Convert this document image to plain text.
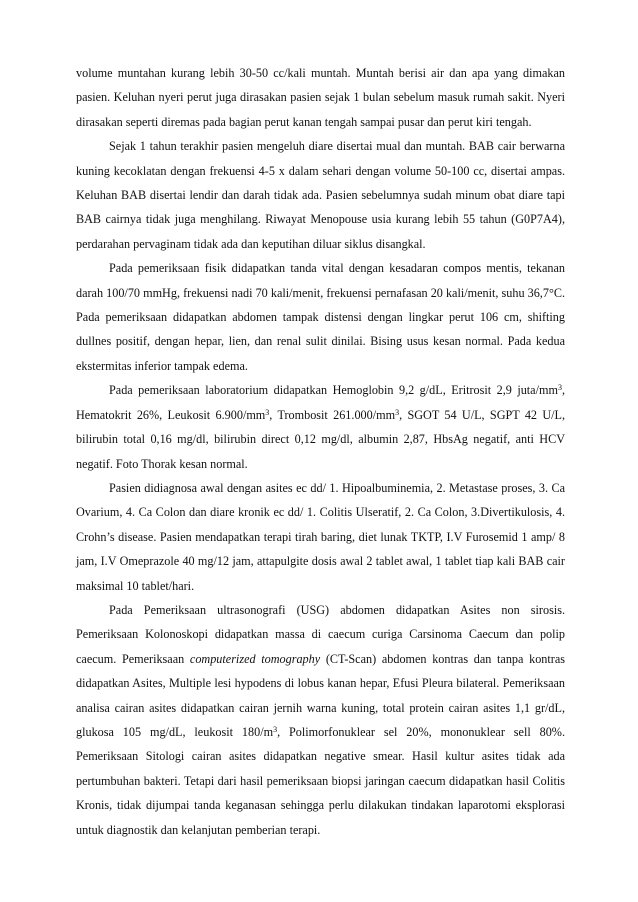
volume muntahan kurang lebih 30-50 cc/kali muntah. Muntah berisi air dan apa yang dimakan pasien. Keluhan nyeri perut juga dirasakan pasien sejak 1 bulan sebelum masuk rumah sakit. Nyeri dirasakan seperti diremas pada bagian perut kanan tengah sampai pusar dan perut kiri tengah.

Sejak 1 tahun terakhir pasien mengeluh diare disertai mual dan muntah. BAB cair berwarna kuning kecoklatan dengan frekuensi 4-5 x dalam sehari dengan volume 50-100 cc, disertai ampas. Keluhan BAB disertai lendir dan darah tidak ada. Pasien sebelumnya sudah minum obat diare tapi BAB cairnya tidak juga menghilang. Riwayat Menopouse usia kurang lebih 55 tahun (G0P7A4), perdarahan pervaginam tidak ada dan keputihan diluar siklus disangkal.

Pada pemeriksaan fisik didapatkan tanda vital dengan kesadaran compos mentis, tekanan darah 100/70 mmHg, frekuensi nadi 70 kali/menit, frekuensi pernafasan 20 kali/menit, suhu 36,7°C. Pada pemeriksaan didapatkan abdomen tampak distensi dengan lingkar perut 106 cm, shifting dullnes positif, dengan hepar, lien, dan renal sulit dinilai. Bising usus kesan normal. Pada kedua ekstermitas inferior tampak edema.

Pada pemeriksaan laboratorium didapatkan Hemoglobin 9,2 g/dL, Eritrosit 2,9 juta/$mm^3$, Hematokrit 26%, Leukosit $6.900/mm^3$, Trombosit $261.000/mm^3$, SGOT 54 U/L, SGPT 42 U/L, bilirubin total 0,16 mg/dl, bilirubin direct 0,12 mg/dl, albumin 2,87, HbsAg negatif, anti HCV negatif. Foto Thorak kesan normal.

Pasien didiagnosa awal dengan asites ec dd/ 1. Hipoalbuminemia, 2. Metastase proses, 3. Ca Ovarium, 4. Ca Colon dan diare kronik ec dd/ 1. Colitis Ulseratif, 2. Ca Colon, 3.Divertikulosis, 4. Crohn’s disease. Pasien mendapatkan terapi tirah baring, diet lunak TKTP, I.V Furosemid 1 amp/ 8 jam, I.V Omeprazole 40 mg/12 jam, attapulgite dosis awal 2 tablet awal, 1 tablet tiap kali BAB cair maksimal 10 tablet/hari.

Pada Pemeriksaan ultrasonografi (USG) abdomen didapatkan Asites non sirosis. Pemeriksaan Kolonoskopi didapatkan massa di caecum curiga Carsinoma Caecum dan polip caecum. Pemeriksaan computerized tomography (CT-Scan) abdomen kontras dan tanpa kontras didapatkan Asites, Multiple lesi hypodens di lobus kanan hepar, Efusi Pleura bilateral. Pemeriksaan analisa cairan asites didapatkan cairan jernih warna kuning, total protein cairan asites 1,1 gr/dL, glukosa 105 mg/dL, leukosit $180/m^3$, Polimorfonuklear sel 20%, mononuklear sell 80%. Pemeriksaan Sitologi cairan asites didapatkan negative smear. Hasil kultur asites tidak ada pertumbuhan bakteri. Tetapi dari hasil pemeriksaan biopsi jaringan caecum didapatkan hasil Colitis Kronis, tidak dijumpai tanda keganasan sehingga perlu dilakukan tindakan laparotomi eksplorasi untuk diagnostik dan kelanjutan pemberian terapi.
